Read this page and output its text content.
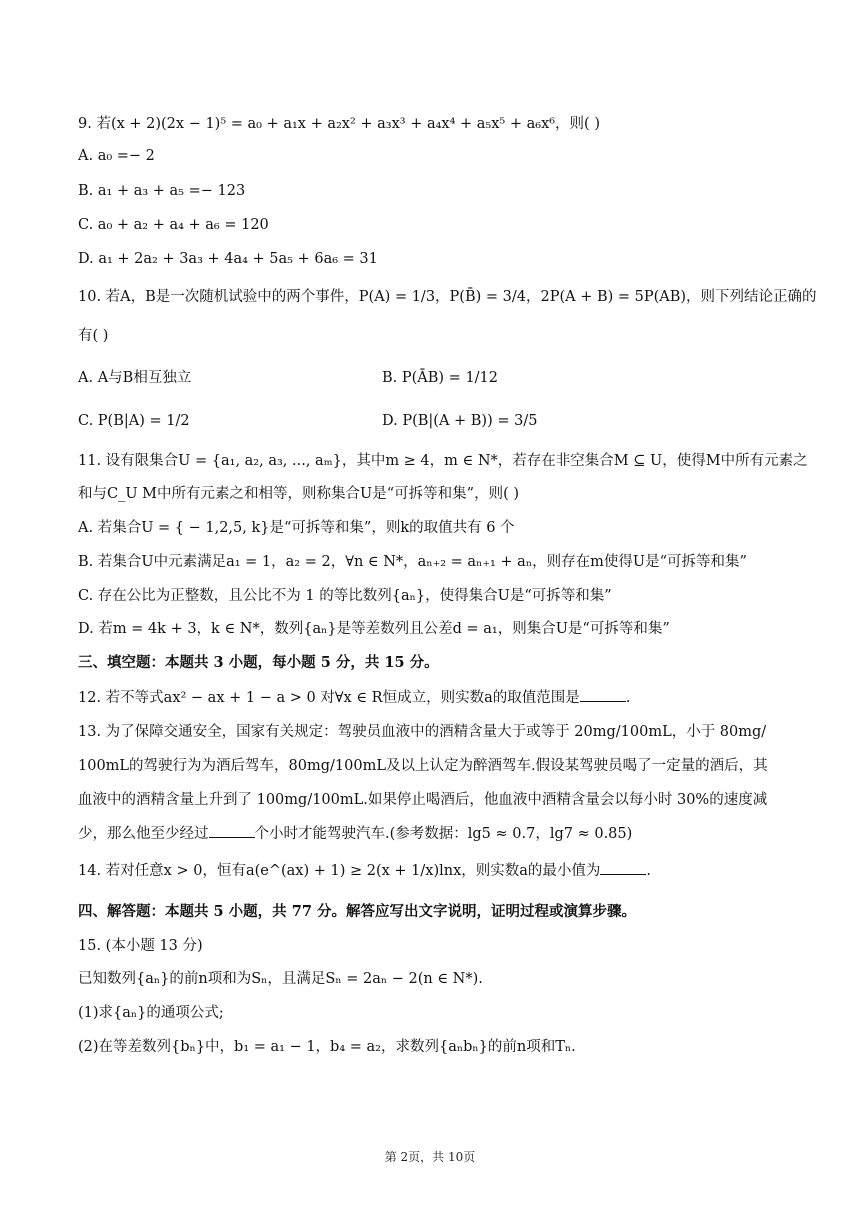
9. 若(x + 2)(2x − 1)⁵ = a₀ + a₁x + a₂x² + a₃x³ + a₄x⁴ + a₅x⁵ + a₆x⁶，则( )
A. a₀ =− 2
B. a₁ + a₃ + a₅ =− 123
C. a₀ + a₂ + a₄ + a₆ = 120
D. a₁ + 2a₂ + 3a₃ + 4a₄ + 5a₅ + 6a₆ = 31
10. 若A，B是一次随机试验中的两个事件，P(A) = 1/3，P(B̄) = 3/4，2P(A + B) = 5P(AB)，则下列结论正确的
有( )
A. A与B相互独立	B. P(ĀB) = 1/12
C. P(B|A) = 1/2	D. P(B|(A + B)) = 3/5
11. 设有限集合U = {a₁, a₂, a₃, ..., aₘ}，其中m ≥ 4，m ∈ N*，若存在非空集合M ⊆ U，使得M中所有元素之
和与C_U M中所有元素之和相等，则称集合U是“可拆等和集”，则( )
A. 若集合U = { − 1,2,5, k}是“可拆等和集”，则k的取值共有 6 个
B. 若集合U中元素满足a₁ = 1，a₂ = 2，∀n ∈ N*，aₙ₊₂ = aₙ₊₁ + aₙ，则存在m使得U是“可拆等和集”
C. 存在公比为正整数，且公比不为 1 的等比数列{aₙ}，使得集合U是“可拆等和集”
D. 若m = 4k + 3，k ∈ N*，数列{aₙ}是等差数列且公差d = a₁，则集合U是“可拆等和集”
三、填空题：本题共 3 小题，每小题 5 分，共 15 分。
12. 若不等式ax² − ax + 1 − a > 0 对∀x ∈ R恒成立，则实数a的取值范围是	.
13. 为了保障交通安全，国家有关规定：驾驶员血液中的酒精含量大于或等于 20mg/100mL，小于 80mg/
100mL的驾驶行为为酒后驾车，80mg/100mL及以上认定为醉酒驾车.假设某驾驶员喝了一定量的酒后，其
血液中的酒精含量上升到了 100mg/100mL.如果停止喝酒后，他血液中酒精含量会以每小时 30%的速度减
少，那么他至少经过	个小时才能驾驶汽车.(参考数据：lg5 ≈ 0.7，lg7 ≈ 0.85)
14. 若对任意x > 0，恒有a(e^(ax) + 1) ≥ 2(x + 1/x)lnx，则实数a的最小值为	.
四、解答题：本题共 5 小题，共 77 分。解答应写出文字说明，证明过程或演算步骤。
15. (本小题 13 分)
已知数列{aₙ}的前n项和为Sₙ，且满足Sₙ = 2aₙ − 2(n ∈ N*).
(1)求{aₙ}的通项公式;
(2)在等差数列{bₙ}中，b₁ = a₁ − 1，b₄ = a₂，求数列{aₙbₙ}的前n项和Tₙ.
第 2页，共 10页
